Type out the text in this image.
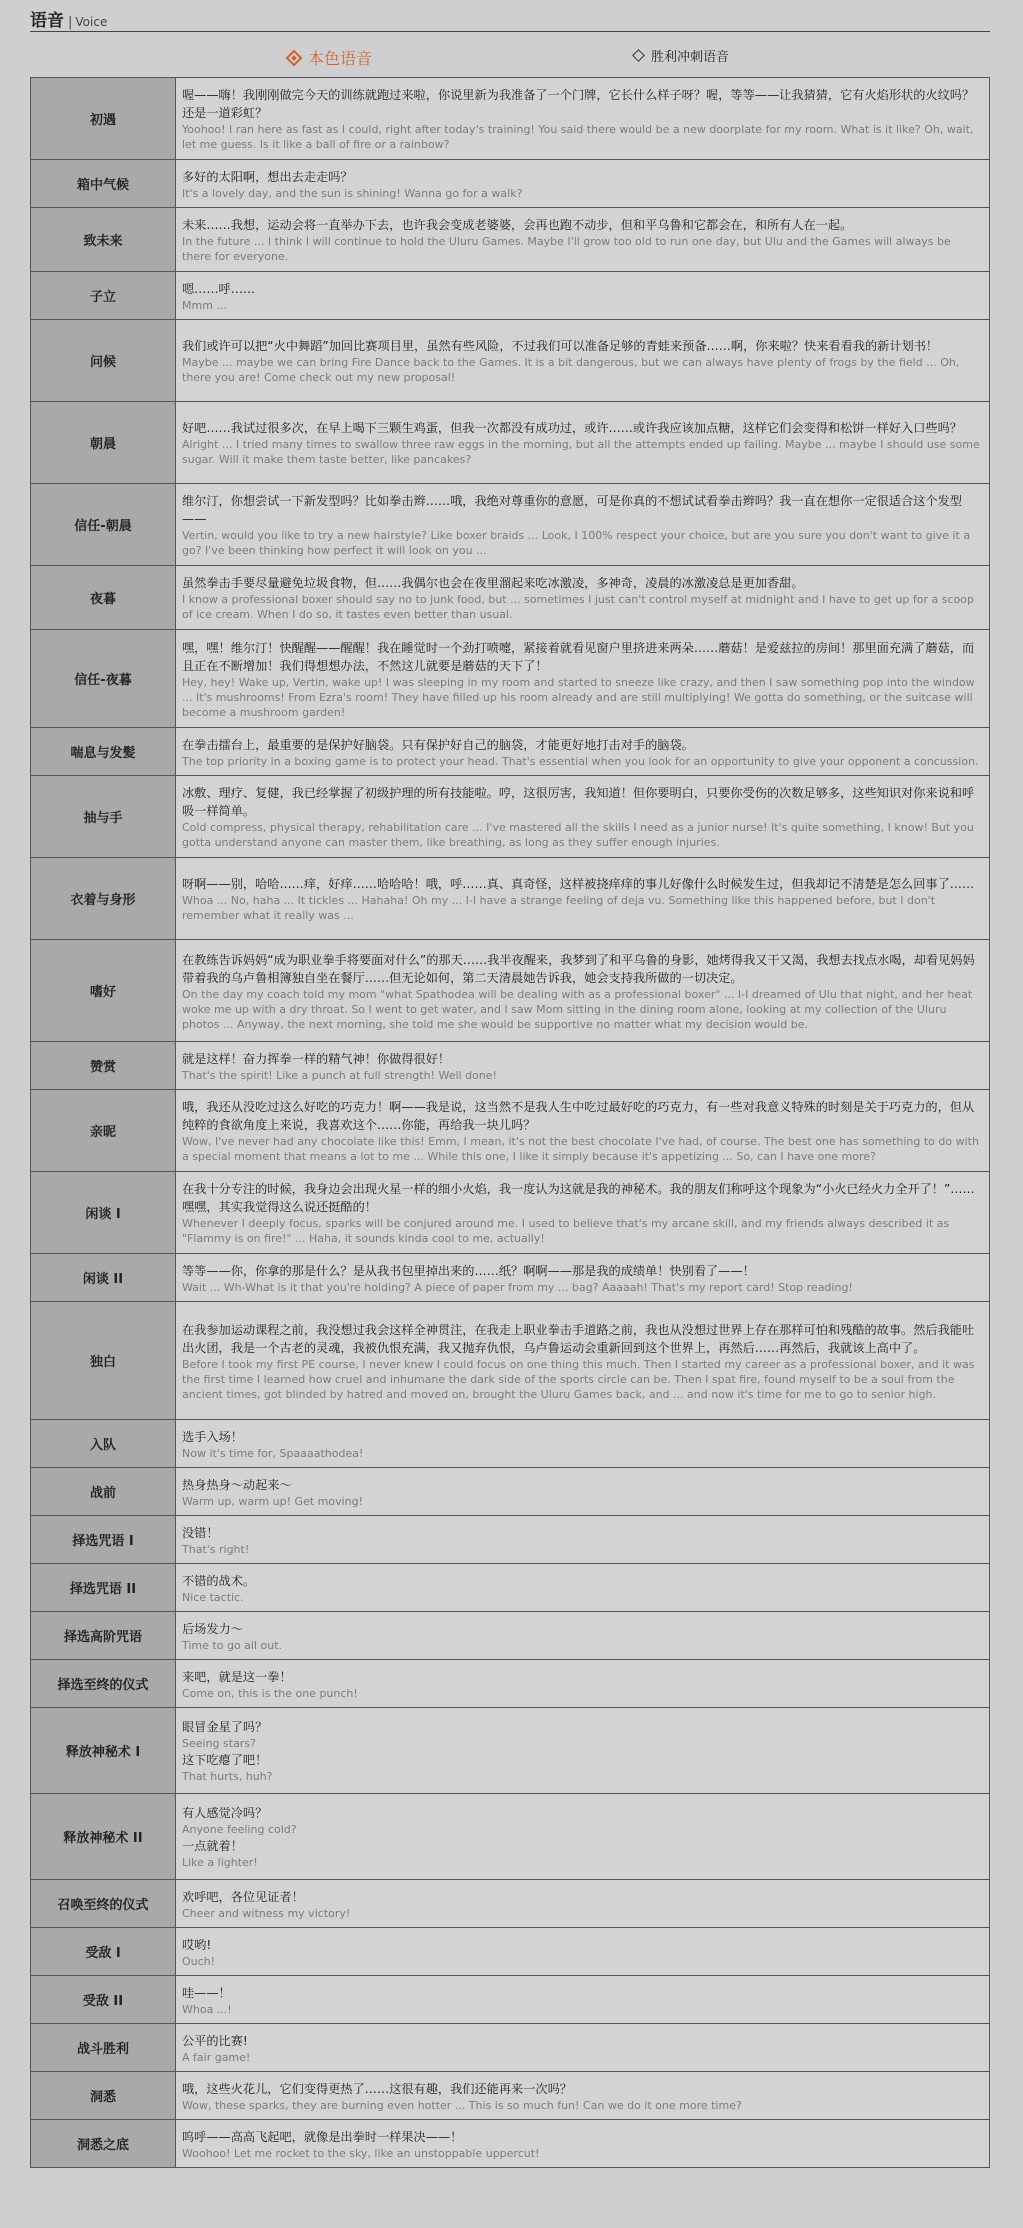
语音 | Voice
本色语音	胜利冲刺语音
初遇	喔——嗨！我刚刚做完今天的训练就跑过来啦，你说里新为我准备了一个门牌，它长什么样子呀？喔，等等——让我猜猜，它有火焰形状的火纹吗？还是一道彩虹？
Yoohoo! I ran here as fast as I could, right after today's training! You said there would be a new doorplate for my room. What is it like? Oh, wait, let me guess. Is it like a ball of fire or a rainbow?

箱中气候	多好的太阳啊，想出去走走吗？
It's a lovely day, and the sun is shining! Wanna go for a walk?

致未来	未来……我想，运动会将一直举办下去，也许我会变成老婆婆，会再也跑不动步，但和平乌鲁和它都会在，和所有人在一起。
In the future ... I think I will continue to hold the Uluru Games. Maybe I'll grow too old to run one day, but Ulu and the Games will always be there for everyone.

子立	嗯……呼……
Mmm ...

问候	我们或许可以把“火中舞蹈”加回比赛项目里，虽然有些风险，不过我们可以准备足够的青蛙来预备……啊，你来啦？快来看看我的新计划书！
Maybe ... maybe we can bring Fire Dance back to the Games. It is a bit dangerous, but we can always have plenty of frogs by the field ... Oh, there you are! Come check out my new proposal!

朝晨	好吧……我试过很多次，在早上喝下三颗生鸡蛋，但我一次都没有成功过，或许……或许我应该加点糖，这样它们会变得和松饼一样好入口些吗？
Alright ... I tried many times to swallow three raw eggs in the morning, but all the attempts ended up failing. Maybe ... maybe I should use some sugar. Will it make them taste better, like pancakes?

信任-朝晨	维尔汀，你想尝试一下新发型吗？比如拳击辫……哦，我绝对尊重你的意愿，可是你真的不想试试看拳击辫吗？我一直在想你一定很适合这个发型——
Vertin, would you like to try a new hairstyle? Like boxer braids ... Look, I 100% respect your choice, but are you sure you don't want to give it a go? I've been thinking how perfect it will look on you ...

夜暮	虽然拳击手要尽量避免垃圾食物，但……我偶尔也会在夜里溜起来吃冰激凌，多神奇，凌晨的冰激凌总是更加香甜。
I know a professional boxer should say no to junk food, but ... sometimes I just can't control myself at midnight and I have to get up for a scoop of ice cream. When I do so, it tastes even better than usual.

信任-夜暮	嘿，嘿！维尔汀！快醒醒——醒醒！我在睡觉时一个劲打喷嚏，紧接着就看见窗户里挤进来两朵……蘑菇！是爱兹拉的房间！那里面充满了蘑菇，而且正在不断增加！我们得想想办法，不然这儿就要是蘑菇的天下了！
Hey, hey! Wake up, Vertin, wake up! I was sleeping in my room and started to sneeze like crazy, and then I saw something pop into the window ... It's mushrooms! From Ezra's room! They have filled up his room already and are still multiplying! We gotta do something, or the suitcase will become a mushroom garden!

喘息与发髪	在拳击擂台上，最重要的是保护好脑袋。只有保护好自己的脑袋，才能更好地打击对手的脑袋。
The top priority in a boxing game is to protect your head. That's essential when you look for an opportunity to give your opponent a concussion.

抽与手	冰敷、理疗、复健，我已经掌握了初级护理的所有技能啦。哼，这很厉害，我知道！但你要明白，只要你受伤的次数足够多，这些知识对你来说和呼吸一样简单。
Cold compress, physical therapy, rehabilitation care ... I've mastered all the skills I need as a junior nurse! It's quite something, I know! But you gotta understand anyone can master them, like breathing, as long as they suffer enough injuries.

衣着与身形	呀啊——别，哈哈……痒，好痒……哈哈哈！哦，呼……真、真奇怪，这样被挠痒痒的事儿好像什么时候发生过，但我却记不清楚是怎么回事了……
Whoa ... No, haha ... It tickles ... Hahaha! Oh my ... I-I have a strange feeling of deja vu. Something like this happened before, but I don't remember what it really was ...

嗜好	在教练告诉妈妈“成为职业拳手将要面对什么”的那天……我半夜醒来，我梦到了和平乌鲁的身影，她烤得我又干又渴，我想去找点水喝，却看见妈妈带着我的乌卢鲁相簿独自坐在餐厅……但无论如何，第二天清晨她告诉我，她会支持我所做的一切决定。
On the day my coach told my mom "what Spathodea will be dealing with as a professional boxer" ... I-I dreamed of Ulu that night, and her heat woke me up with a dry throat. So I went to get water, and I saw Mom sitting in the dining room alone, looking at my collection of the Uluru photos ... Anyway, the next morning, she told me she would be supportive no matter what my decision would be.

赞赏	就是这样！奋力挥拳一样的精气神！你做得很好！
That's the spirit! Like a punch at full strength! Well done!

亲昵	哦，我还从没吃过这么好吃的巧克力！啊——我是说，这当然不是我人生中吃过最好吃的巧克力，有一些对我意义特殊的时刻是关于巧克力的，但从纯粹的食欲角度上来说，我喜欢这个……你能，再给我一块儿吗？
Wow, I've never had any chocolate like this! Emm, I mean, it's not the best chocolate I've had, of course. The best one has something to do with a special moment that means a lot to me ... While this one, I like it simply because it's appetizing ... So, can I have one more?

闲谈 I	在我十分专注的时候，我身边会出现火星一样的细小火焰，我一度认为这就是我的神秘术。我的朋友们称呼这个现象为“小火已经火力全开了！”……嘿嘿，其实我觉得这么说还挺酷的！
Whenever I deeply focus, sparks will be conjured around me. I used to believe that's my arcane skill, and my friends always described it as "Flammy is on fire!" ... Haha, it sounds kinda cool to me, actually!

闲谈 II	等等——你，你拿的那是什么？是从我书包里掉出来的……纸？啊啊——那是我的成绩单！快别看了——！
Wait ... Wh-What is it that you're holding? A piece of paper from my ... bag? Aaaaah! That's my report card! Stop reading!

独白	在我参加运动课程之前，我没想过我会这样全神贯注，在我走上职业拳击手道路之前，我也从没想过世界上存在那样可怕和残酷的故事。然后我能吐出火团，我是一个古老的灵魂，我被仇恨充满，我又抛弃仇恨，乌卢鲁运动会重新回到这个世界上，再然后……再然后，我就该上高中了。
Before I took my first PE course, I never knew I could focus on one thing this much. Then I started my career as a professional boxer, and it was the first time I learned how cruel and inhumane the dark side of the sports circle can be. Then I spat fire, found myself to be a soul from the ancient times, got blinded by hatred and moved on, brought the Uluru Games back, and ... and now it's time for me to go to senior high.

入队	选手入场！
Now it's time for, Spaaaathodea!

战前	热身热身～动起来～
Warm up, warm up! Get moving!

择选咒语 I	没错！
That's right!

择选咒语 II	不错的战术。
Nice tactic.

择选高阶咒语	后场发力～
Time to go all out.

择选至终的仪式	来吧，就是这一拳！
Come on, this is the one punch!

释放神秘术 I	眼冒金星了吗？
Seeing stars?
这下吃瘪了吧！
That hurts, huh?

释放神秘术 II	有人感觉冷吗？
Anyone feeling cold?
一点就着！
Like a lighter!

召唤至终的仪式	欢呼吧，各位见证者！
Cheer and witness my victory!

受敌 I	哎哟!
Ouch!

受敌 II	哇——！
Whoa ...!

战斗胜利	公平的比赛!
A fair game!

洞悉	哦，这些火花儿，它们变得更热了……这很有趣，我们还能再来一次吗？
Wow, these sparks, they are burning even hotter ... This is so much fun! Can we do it one more time?

洞悉之底	呜呼——高高飞起吧，就像是出拳时一样果决——！
Woohoo! Let me rocket to the sky, like an unstoppable uppercut!
